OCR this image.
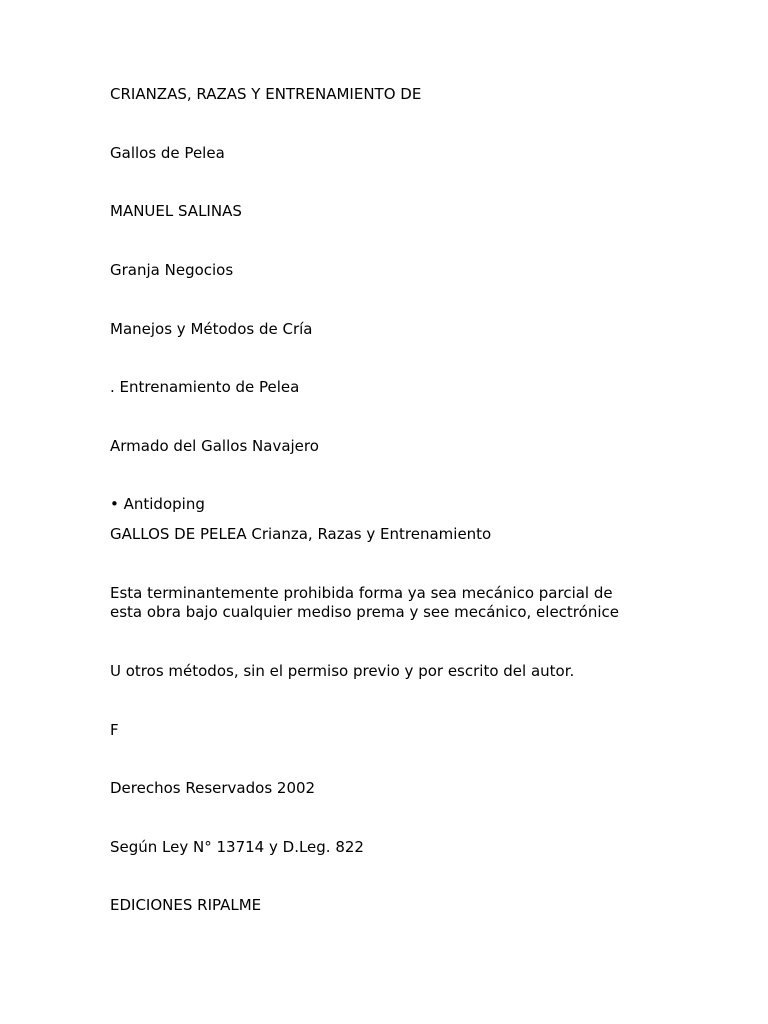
CRIANZAS, RAZAS Y ENTRENAMIENTO DE

Gallos de Pelea

MANUEL SALINAS

Granja Negocios

Manejos y Métodos de Cría

. Entrenamiento de Pelea

Armado del Gallos Navajero

• Antidoping

GALLOS DE PELEA Crianza, Razas y Entrenamiento

Esta terminantemente prohibida forma ya sea mecánico parcial de
esta obra bajo cualquier mediso prema y see mecánico, electrónice

U otros métodos, sin el permiso previo y por escrito del autor.

F

Derechos Reservados 2002

Según Ley N° 13714 y D.Leg. 822

EDICIONES RIPALME
